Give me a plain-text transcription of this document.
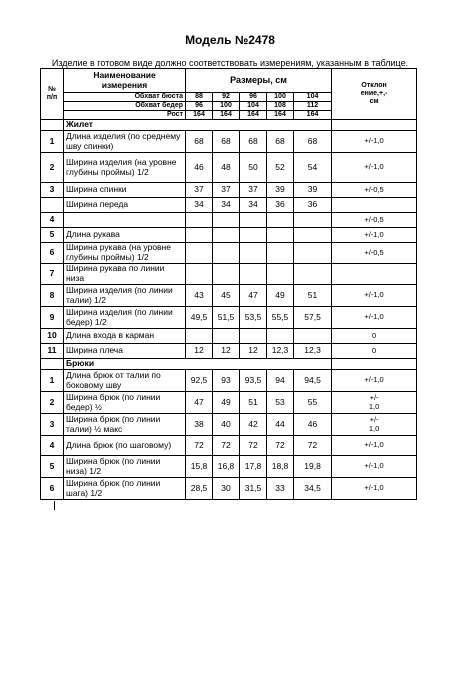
Модель №2478
Изделие в готовом виде должно соответствовать измерениям, указанным в таблице.
№
п/п	Наименование
измерения	Размеры, см					Отклон
ение,+,-
см
	Обхват бюста	88	92	96	100	104	
	Обхват бедер	96	100	104	108	112	
	Рост	164	164	164	164	164	
	Жилет						
1	Длина изделия (по среднему шву спинки)	68	68	68	68	68	+/-1,0
2	Ширина изделия (на уровне глубины проймы) 1/2	46	48	50	52	54	+/-1,0
3	Ширина спинки	37	37	37	39	39	+/-0,5
	Ширина переда	34	34	34	36	36	
4							+/-0,5
5	Длина рукава						+/-1,0
6	Ширина рукава (на уровне глубины проймы) 1/2						+/-0,5
7	Ширина рукава по линии низа						
8	Ширина изделия (по линии талии) 1/2	43	45	47	49	51	+/-1,0
9	Ширина изделия (по линии бедер) 1/2	49,5	51,5	53,5	55,5	57,5	+/-1,0
10	Длина входа в карман						0
11	Ширина плеча	12	12	12	12,3	12,3	0
	Брюки						
1	Длина брюк от талии по боковому шву	92,5	93	93,5	94	94,5	+/-1,0
2	Ширина брюк (по линии бедер) ½	47	49	51	53	55	+/-
1,0
3	Ширина брюк (по линии талии) ½ макс	38	40	42	44	46	+/-
1,0
4	Длина брюк (по шаговому)	72	72	72	72	72	+/-1,0
5	Ширина брюк (по линии низа) 1/2	15,8	16,8	17,8	18,8	19,8	+/-1,0
6	Ширина брюк (по линии шага) 1/2	28,5	30	31,5	33	34,5	+/-1,0
